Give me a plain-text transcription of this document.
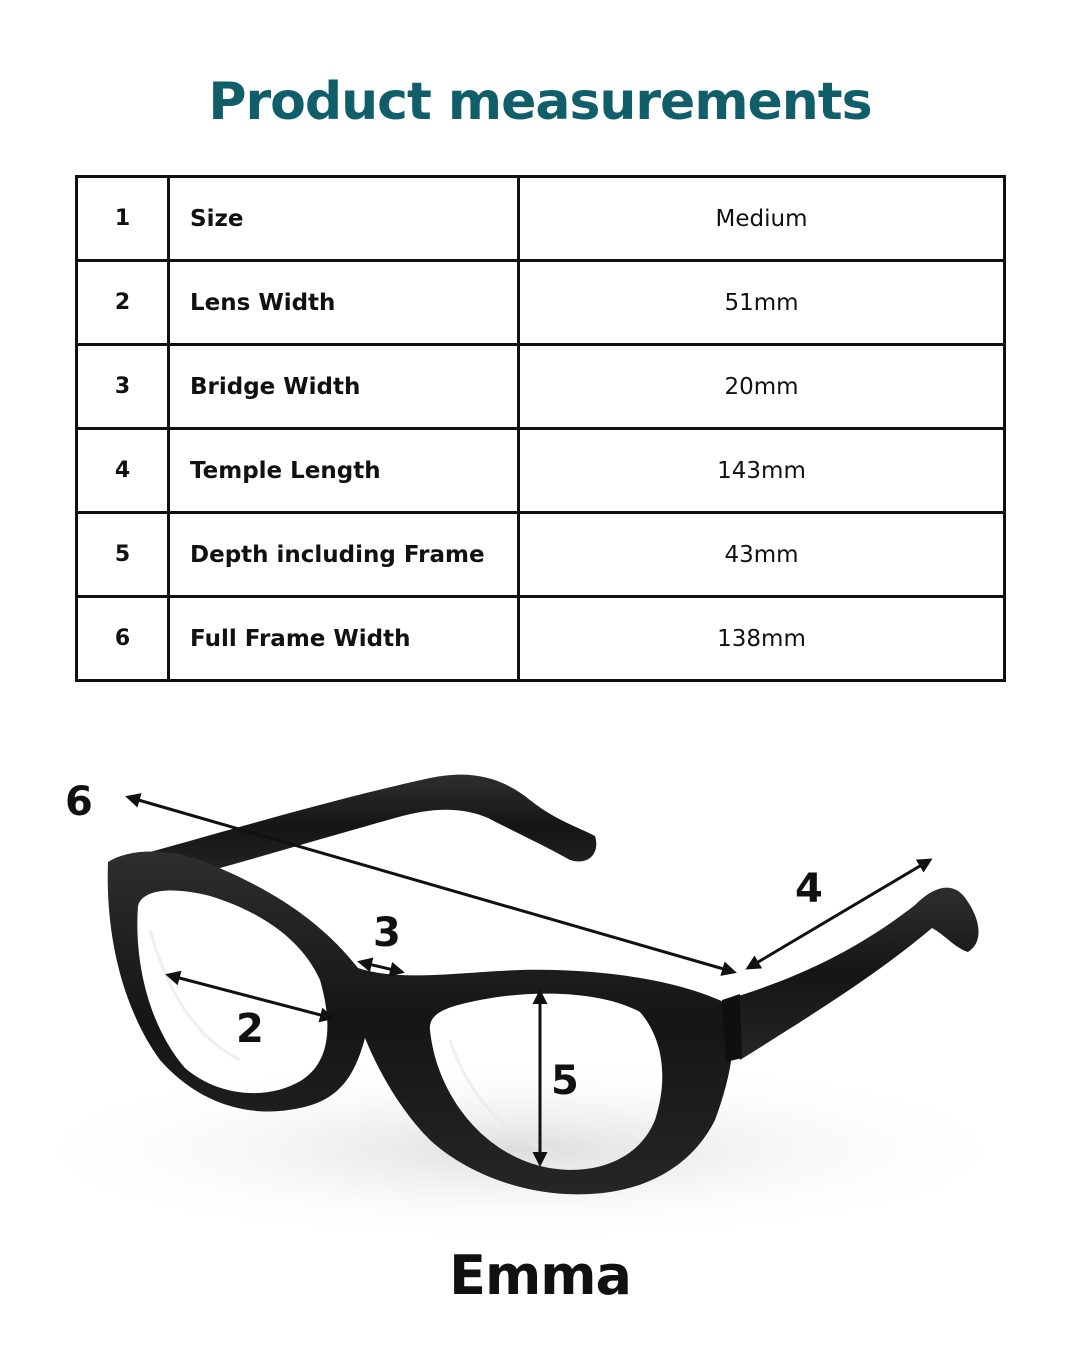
Product measurements
1	Size	Medium
2	Lens Width	51mm
3	Bridge Width	20mm
4	Temple Length	143mm
5	Depth including Frame	43mm
6	Full Frame Width	138mm
6
4
3
2
5
Emma
